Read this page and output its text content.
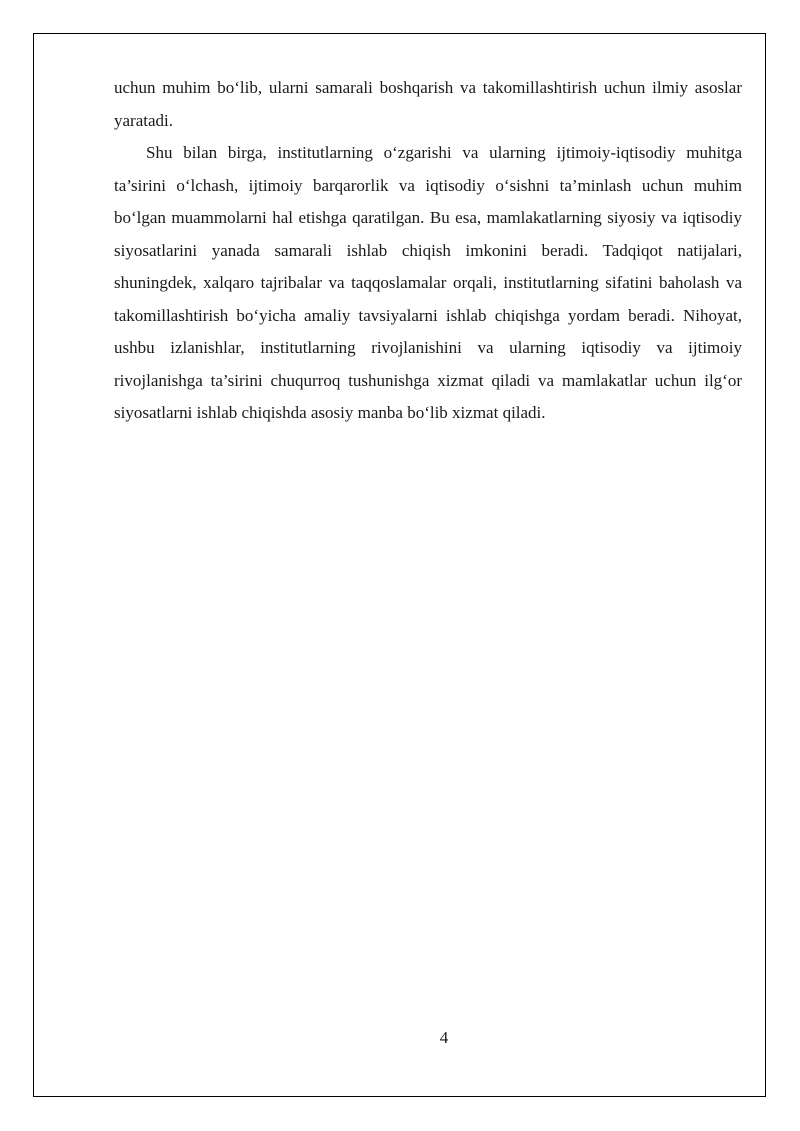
uchun muhim bo‘lib, ularni samarali boshqarish va takomillashtirish uchun ilmiy asoslar yaratadi.

Shu bilan birga, institutlarning o‘zgarishi va ularning ijtimoiy-iqtisodiy muhitga ta’sirini o‘lchash, ijtimoiy barqarorlik va iqtisodiy o‘sishni ta’minlash uchun muhim bo‘lgan muammolarni hal etishga qaratilgan. Bu esa, mamlakatlarning siyosiy va iqtisodiy siyosatlarini yanada samarali ishlab chiqish imkonini beradi. Tadqiqot natijalari, shuningdek, xalqaro tajribalar va taqqoslamalar orqali, institutlarning sifatini baholash va takomillashtirish bo‘yicha amaliy tavsiyalarni ishlab chiqishga yordam beradi. Nihoyat, ushbu izlanishlar, institutlarning rivojlanishini va ularning iqtisodiy va ijtimoiy rivojlanishga ta’sirini chuqurroq tushunishga xizmat qiladi va mamlakatlar uchun ilg‘or siyosatlarni ishlab chiqishda asosiy manba bo‘lib xizmat qiladi.

4
